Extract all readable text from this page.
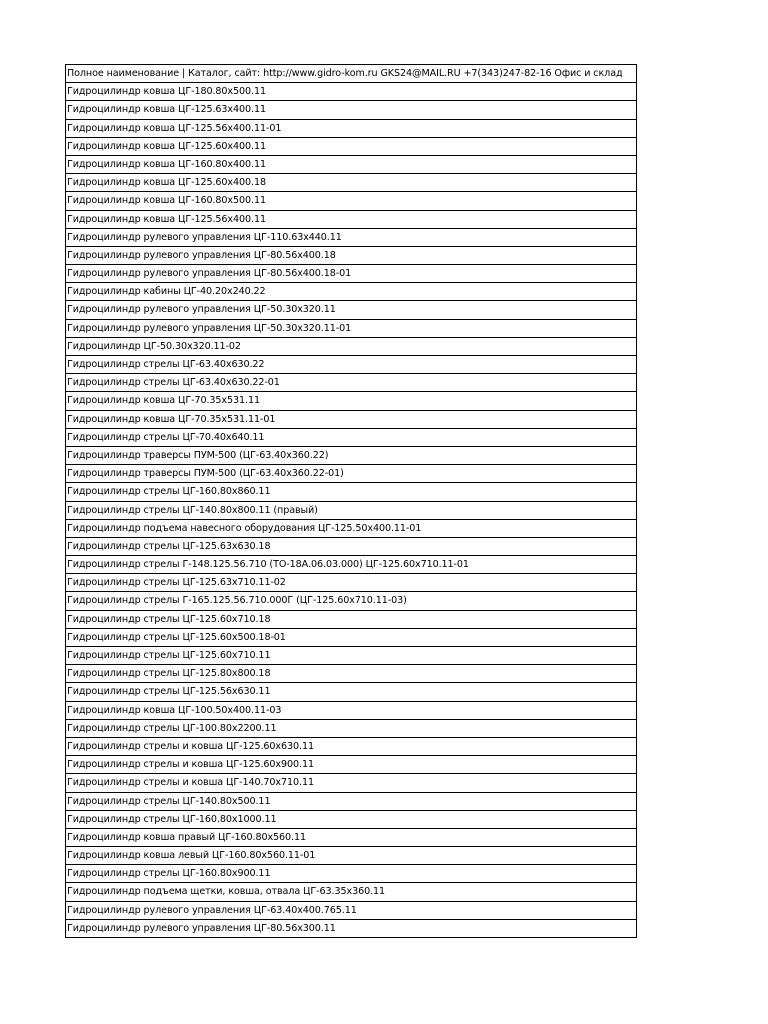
Полное наименование | Каталог, сайт: http://www.gidro-kom.ru GKS24@MAIL.RU +7(343)247-82-16 Офис и склад
Гидроцилиндр ковша ЦГ-180.80х500.11
Гидроцилиндр ковша ЦГ-125.63х400.11
Гидроцилиндр ковша ЦГ-125.56х400.11-01
Гидроцилиндр ковша ЦГ-125.60х400.11
Гидроцилиндр ковша ЦГ-160.80х400.11
Гидроцилиндр ковша ЦГ-125.60х400.18
Гидроцилиндр ковша ЦГ-160.80х500.11
Гидроцилиндр ковша ЦГ-125.56х400.11
Гидроцилиндр рулевого управления ЦГ-110.63х440.11
Гидроцилиндр рулевого управления ЦГ-80.56х400.18
Гидроцилиндр рулевого управления ЦГ-80.56х400.18-01
Гидроцилиндр кабины ЦГ-40.20х240.22
Гидроцилиндр рулевого управления ЦГ-50.30х320.11
Гидроцилиндр рулевого управления ЦГ-50.30х320.11-01
Гидроцилиндр ЦГ-50.30х320.11-02
Гидроцилиндр стрелы ЦГ-63.40х630.22
Гидроцилиндр стрелы ЦГ-63.40х630.22-01
Гидроцилиндр ковша ЦГ-70.35х531.11
Гидроцилиндр ковша ЦГ-70.35х531.11-01
Гидроцилиндр стрелы ЦГ-70.40х640.11
Гидроцилиндр траверсы ПУМ-500 (ЦГ-63.40х360.22)
Гидроцилиндр траверсы ПУМ-500 (ЦГ-63.40х360.22-01)
Гидроцилиндр стрелы ЦГ-160.80х860.11
Гидроцилиндр стрелы ЦГ-140.80х800.11 (правый)
Гидроцилиндр подъема навесного оборудования ЦГ-125.50х400.11-01
Гидроцилиндр стрелы ЦГ-125.63х630.18
Гидроцилиндр стрелы Г-148.125.56.710 (ТО-18А.06.03.000) ЦГ-125.60х710.11-01
Гидроцилиндр стрелы ЦГ-125.63х710.11-02
Гидроцилиндр стрелы Г-165.125.56.710.000Г (ЦГ-125.60х710.11-03)
Гидроцилиндр стрелы ЦГ-125.60х710.18
Гидроцилиндр стрелы ЦГ-125.60х500.18-01
Гидроцилиндр стрелы ЦГ-125.60х710.11
Гидроцилиндр стрелы ЦГ-125.80х800.18
Гидроцилиндр стрелы ЦГ-125.56х630.11
Гидроцилиндр ковша ЦГ-100.50х400.11-03
Гидроцилиндр стрелы ЦГ-100.80х2200.11
Гидроцилиндр стрелы и ковша ЦГ-125.60х630.11
Гидроцилиндр стрелы и ковша ЦГ-125.60х900.11
Гидроцилиндр стрелы и ковша ЦГ-140.70х710.11
Гидроцилиндр стрелы ЦГ-140.80х500.11
Гидроцилиндр стрелы ЦГ-160.80х1000.11
Гидроцилиндр ковша правый ЦГ-160.80х560.11
Гидроцилиндр ковша левый ЦГ-160.80х560.11-01
Гидроцилиндр стрелы ЦГ-160.80х900.11
Гидроцилиндр подъема щетки, ковша, отвала ЦГ-63.35х360.11
Гидроцилиндр рулевого управления ЦГ-63.40х400.765.11
Гидроцилиндр рулевого управления ЦГ-80.56х300.11
